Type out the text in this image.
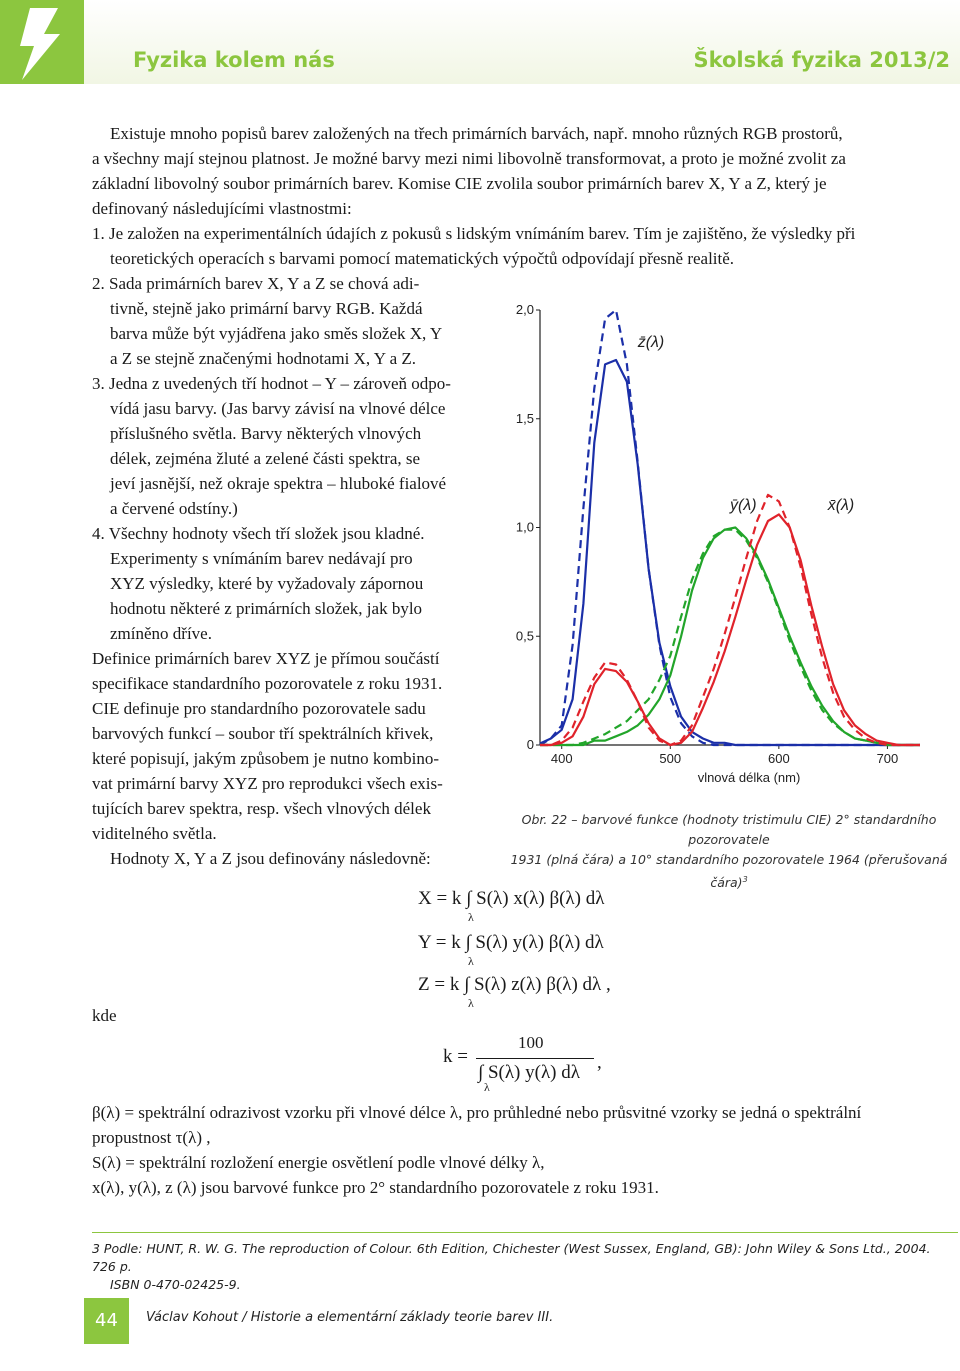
Fyzika kolem nás	Školská fyzika 2013/2
Existuje mnoho popisů barev založených na třech primárních barvách, např. mnoho různých RGB prostorů,
a všechny mají stejnou platnost. Je možné barvy mezi nimi libovolně transformovat, a proto je možné zvolit za
základní libovolný soubor primárních barev. Komise CIE zvolila soubor primárních barev X, Y a Z, který je
definovaný následujícími vlastnostmi:
1. Je založen na experimentálních údajích z pokusů s lidským vnímáním barev. Tím je zajištěno, že výsledky při
teoretických operacích s barvami pomocí matematických výpočtů odpovídají přesně realitě.
2. Sada primárních barev X, Y a Z se chová adi-
tivně, stejně jako primární barvy RGB. Každá
barva může být vyjádřena jako směs složek X, Y
a Z se stejně značenými hodnotami X, Y a Z.
3. Jedna z uvedených tří hodnot – Y – zároveň odpo-
vídá jasu barvy. (Jas barvy závisí na vlnové délce
příslušného světla. Barvy některých vlnových
délek, zejména žluté a zelené části spektra, se
jeví jasnější, než okraje spektra – hluboké fialové
a červené odstíny.)
4. Všechny hodnoty všech tří složek jsou kladné.
Experimenty s vnímáním barev nedávají pro
XYZ výsledky, které by vyžadovaly zápornou
hodnotu některé z primárních složek, jak bylo
zmíněno dříve.
Definice primárních barev XYZ je přímou součástí
specifikace standardního pozorovatele z roku 1931.
CIE definuje pro standardního pozorovatele sadu
barvových funkcí – soubor tří spektrálních křivek,
které popisují, jakým způsobem je nutno kombino-
vat primární barvy XYZ pro reprodukci všech exis-
tujících barev spektra, resp. všech vlnových délek
viditelného světla.
Hodnoty X, Y a Z jsou definovány následovně:
0
0,5
1,0
1,5
2,0
400	500	600	700
vlnová délka (nm)
z̄(λ)
ȳ(λ)	x̄(λ)
Obr. 22 – barvové funkce (hodnoty tristimulu CIE) 2° standardního pozorovatele
1931 (plná čára) a 10° standardního pozorovatele 1964 (přerušovaná čára)$^3$
X = k ∫ S(λ) x(λ) β(λ) dλ
λ
Y = k ∫ S(λ) y(λ) β(λ) dλ
λ
Z = k ∫ S(λ) z(λ) β(λ) dλ ,
λ
kde
k =
100
∫ S(λ) y(λ) dλ
λ
,
β(λ) = spektrální odrazivost vzorku při vlnové délce λ, pro průhledné nebo průsvitné vzorky se jedná o spektrální
propustnost τ(λ) ,
S(λ) = spektrální rozložení energie osvětlení podle vlnové délky λ,
x(λ), y(λ), z (λ) jsou barvové funkce pro 2° standardního pozorovatele z roku 1931.
3 Podle: HUNT, R. W. G. The reproduction of Colour. 6th Edition, Chichester (West Sussex, England, GB): John Wiley & Sons Ltd., 2004. 726 p.
ISBN 0-470-02425-9.
44	Václav Kohout / Historie a elementární základy teorie barev III.
